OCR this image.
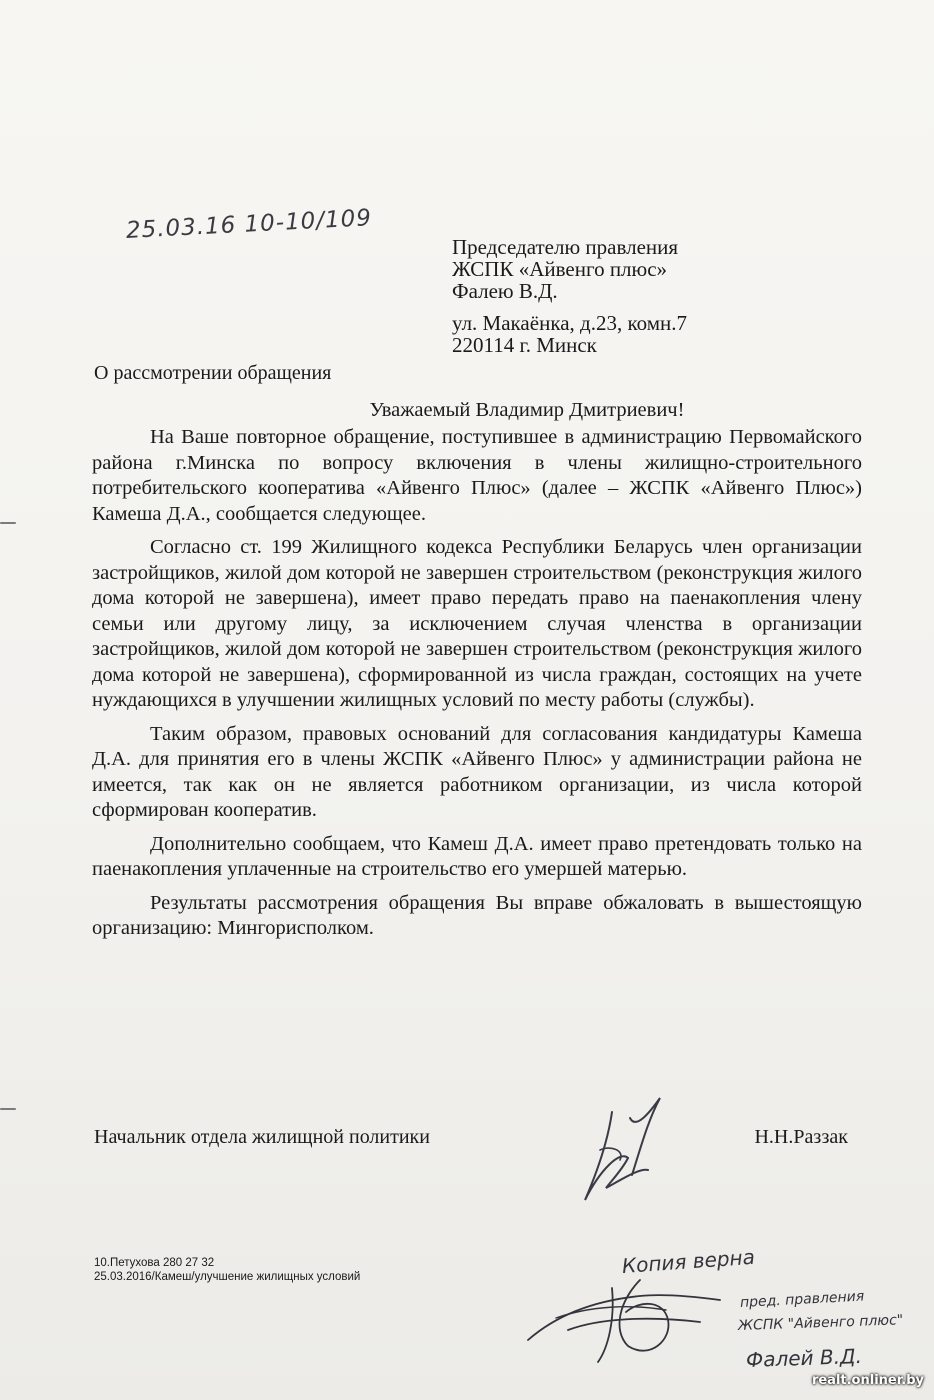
25.03.16 10-10/109
Председателю правления
ЖСПК «Айвенго плюс»
Фалею В.Д.
ул. Макаёнка, д.23, комн.7
220114 г. Минск
О рассмотрении обращения
Уважаемый Владимир Дмитриевич!

На Ваше повторное обращение, поступившее в администрацию Первомайского района г.Минска по вопросу включения в члены жилищно-строительного потребительского кооператива «Айвенго Плюс» (далее – ЖСПК «Айвенго Плюс») Камеша Д.А., сообщается следующее.

Согласно ст. 199 Жилищного кодекса Республики Беларусь член организации застройщиков, жилой дом которой не завершен строительством (реконструкция жилого дома которой не завершена), имеет право передать право на паенакопления члену семьи или другому лицу, за исключением случая членства в организации застройщиков, жилой дом которой не завершен строительством (реконструкция жилого дома которой не завершена), сформированной из числа граждан, состоящих на учете нуждающихся в улучшении жилищных условий по месту работы (службы).

Таким образом, правовых оснований для согласования кандидатуры Камеша Д.А. для принятия его в члены ЖСПК «Айвенго Плюс» у администрации района не имеется, так как он не является работником организации, из числа которой сформирован кооператив.

Дополнительно сообщаем, что Камеш Д.А. имеет право претендовать только на паенакопления уплаченные на строительство его умершей матерью.

Результаты рассмотрения обращения Вы вправе обжаловать в вышестоящую организацию: Мингорисполком.

Начальник отдела жилищной политики	Н.Н.Раззак
10.Петухова 280 27 32
25.03.2016/Камеш/улучшение жилищных условий	Копия верна
пред. правления
ЖСПК "Айвенго плюс"
Фалей В.Д.
realt.onliner.by
